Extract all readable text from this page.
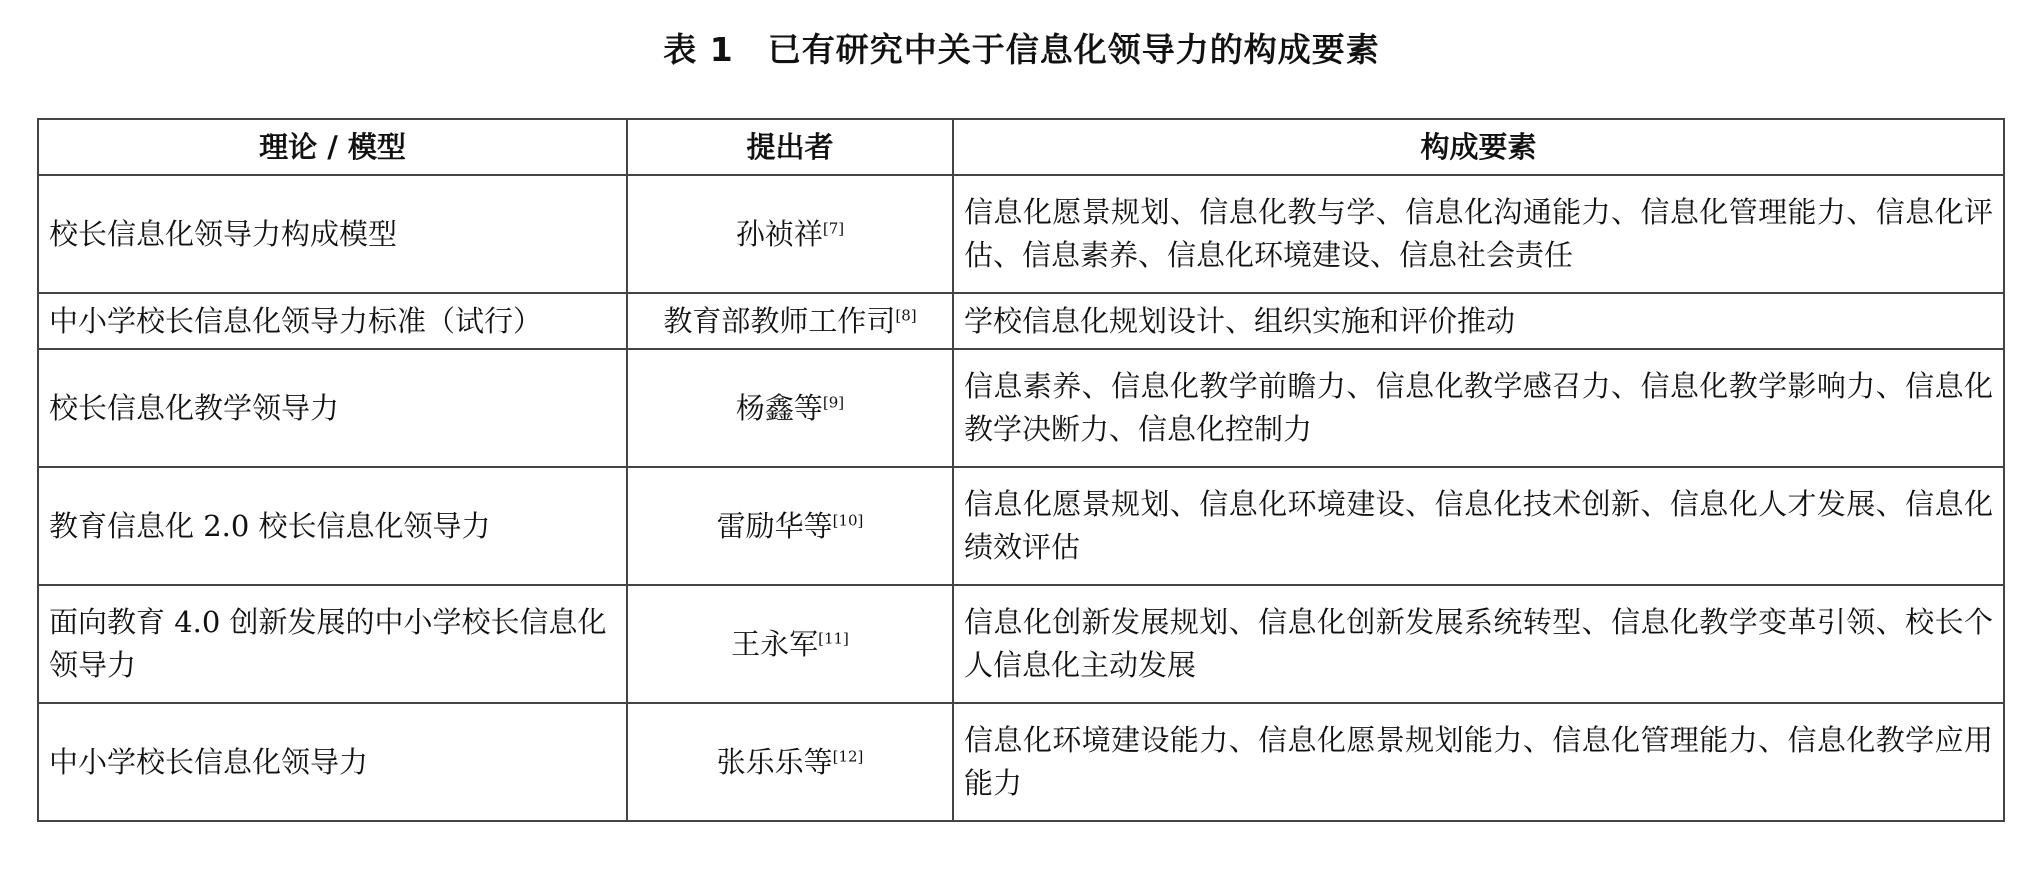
表 1 已有研究中关于信息化领导力的构成要素
理论 / 模型	提出者	构成要素
校长信息化领导力构成模型	孙祯祥[7]	信息化愿景规划、信息化教与学、信息化沟通能力、信息化管理能力、信息化评估、信息素养、信息化环境建设、信息社会责任
中小学校长信息化领导力标准（试行）	教育部教师工作司[8]	学校信息化规划设计、组织实施和评价推动
校长信息化教学领导力	杨鑫等[9]	信息素养、信息化教学前瞻力、信息化教学感召力、信息化教学影响力、信息化教学决断力、信息化控制力
教育信息化 2.0 校长信息化领导力	雷励华等[10]	信息化愿景规划、信息化环境建设、信息化技术创新、信息化人才发展、信息化绩效评估
面向教育 4.0 创新发展的中小学校长信息化领导力	王永军[11]	信息化创新发展规划、信息化创新发展系统转型、信息化教学变革引领、校长个人信息化主动发展
中小学校长信息化领导力	张乐乐等[12]	信息化环境建设能力、信息化愿景规划能力、信息化管理能力、信息化教学应用能力
